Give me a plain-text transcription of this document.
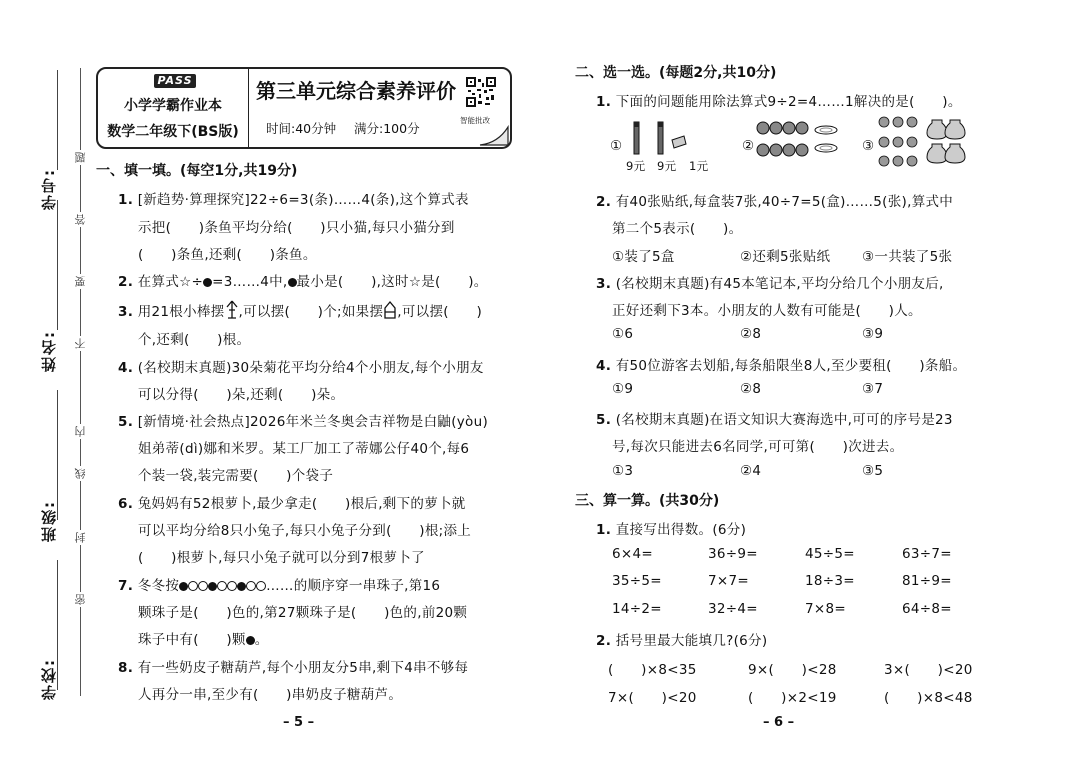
学号:
姓名:
班级:
学校:
题
答
要
不
内
线
封
密
PASS
小学学霸作业本
数学二年级下(BS版)
第三单元综合素养评价
时间:40分钟 满分:100分
智能批改
一、填一填。(每空1分,共19分)
1. [新趋势·算理探究]22÷6=3(条)……4(条),这个算式表
示把(　　)条鱼平均分给(　　)只小猫,每只小猫分到
(　　)条鱼,还剩(　　)条鱼。
2. 在算式☆÷ =3……4中, 最小是(　　),这时☆是(　　)。
3. 用21根小棒摆 ,可以摆(　　)个;如果摆 ,可以摆(　　)
个,还剩(　　)根。
4. (名校期末真题)30朵菊花平均分给4个小朋友,每个小朋友
可以分得(　　)朵,还剩(　　)朵。
5. [新情境·社会热点]2026年米兰冬奥会吉祥物是白鼬(yòu)
姐弟蒂(dì)娜和米罗。某工厂加工了蒂娜公仔40个,每6
个装一袋,装完需要(　　)个袋子
6. 兔妈妈有52根萝卜,最少拿走(　　)根后,剩下的萝卜就
可以平均分给8只小兔子,每只小兔子分到(　　)根;添上
(　　)根萝卜,每只小兔子就可以分到7根萝卜了
7. 冬冬按	……的顺序穿一串珠子,第16
颗珠子是(　　)色的,第27颗珠子是(　　)色的,前20颗
珠子中有(　　)颗 。
8. 有一些奶皮子糖葫芦,每个小朋友分5串,剩下4串不够每
人再分一串,至少有(　　)串奶皮子糖葫芦。
– 5 –
二、选一选。(每题2分,共10分)
1. 下面的问题能用除法算式9÷2=4……1解决的是(　　)。
①
9元 9元 1元
②	③
2. 有40张贴纸,每盒装7张,40÷7=5(盒)……5(张),算式中
第二个5表示(　　)。
①装了5盒	②还剩5张贴纸 ③一共装了5张
3. (名校期末真题)有45本笔记本,平均分给几个小朋友后,
正好还剩下3本。小朋友的人数有可能是(　　)人。
①6	②8	③9
4. 有50位游客去划船,每条船限坐8人,至少要租(　　)条船。
①9	②8	③7
5. (名校期末真题)在语文知识大赛海选中,可可的序号是23
号,每次只能进去6名同学,可可第(　　)次进去。
①3	②4	③5
三、算一算。(共30分)
1. 直接写出得数。(6分)
6×4=	36÷9=	45÷5=	63÷7=
35÷5=	7×7=	18÷3=	81÷9=
14÷2=	32÷4=	7×8=	64÷8=
2. 括号里最大能填几?(6分)
(　　)×8<35	9×(　　)<28	3×(　　)<20
7×(　　)<20	(　　)×2<19	(　　)×8<48
– 6 –
